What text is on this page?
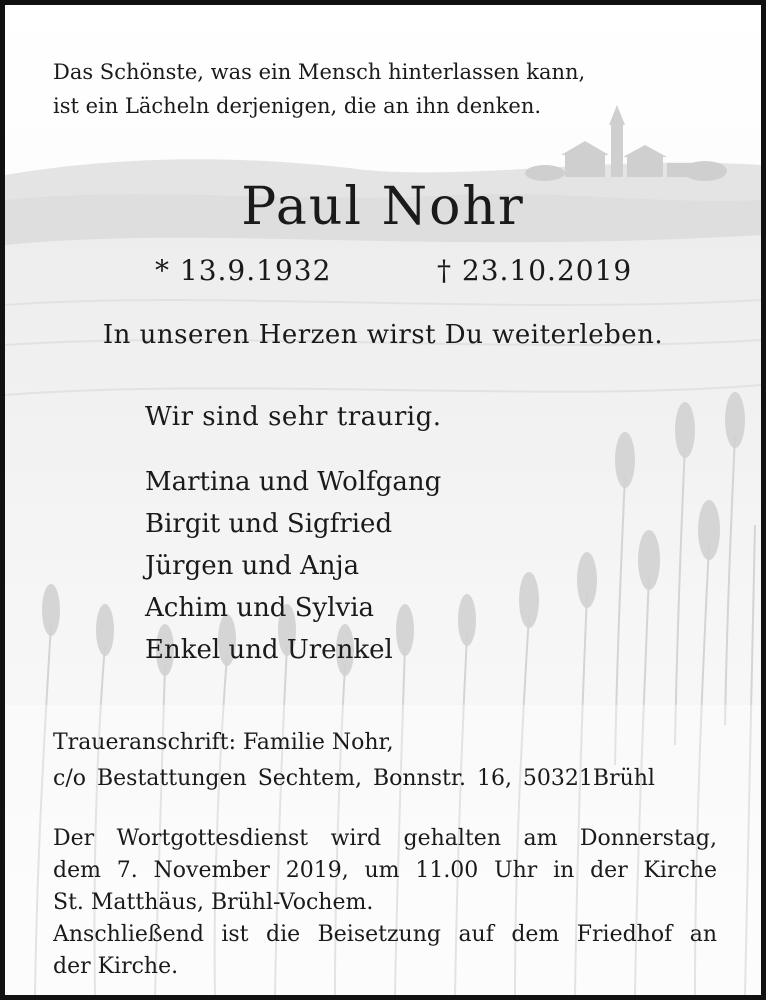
Das Schönste, was ein Mensch hinterlassen kann,
ist ein Lächeln derjenigen, die an ihn denken.
Paul Nohr
* 13.9.1932	† 23.10.2019
In unseren Herzen wirst Du weiterleben.
Wir sind sehr traurig.
Martina und Wolfgang
Birgit und Sigfried
Jürgen und Anja
Achim und Sylvia
Enkel und Urenkel
Traueranschrift: Familie Nohr,
c/o Bestattungen Sechtem, Bonnstr. 16, 50321Brühl
Der Wortgottesdienst wird gehalten am Donnerstag,
dem 7. November 2019, um 11.00 Uhr in der Kirche
St. Matthäus, Brühl-Vochem.
Anschließend ist die Beisetzung auf dem Friedhof an
der Kirche.
